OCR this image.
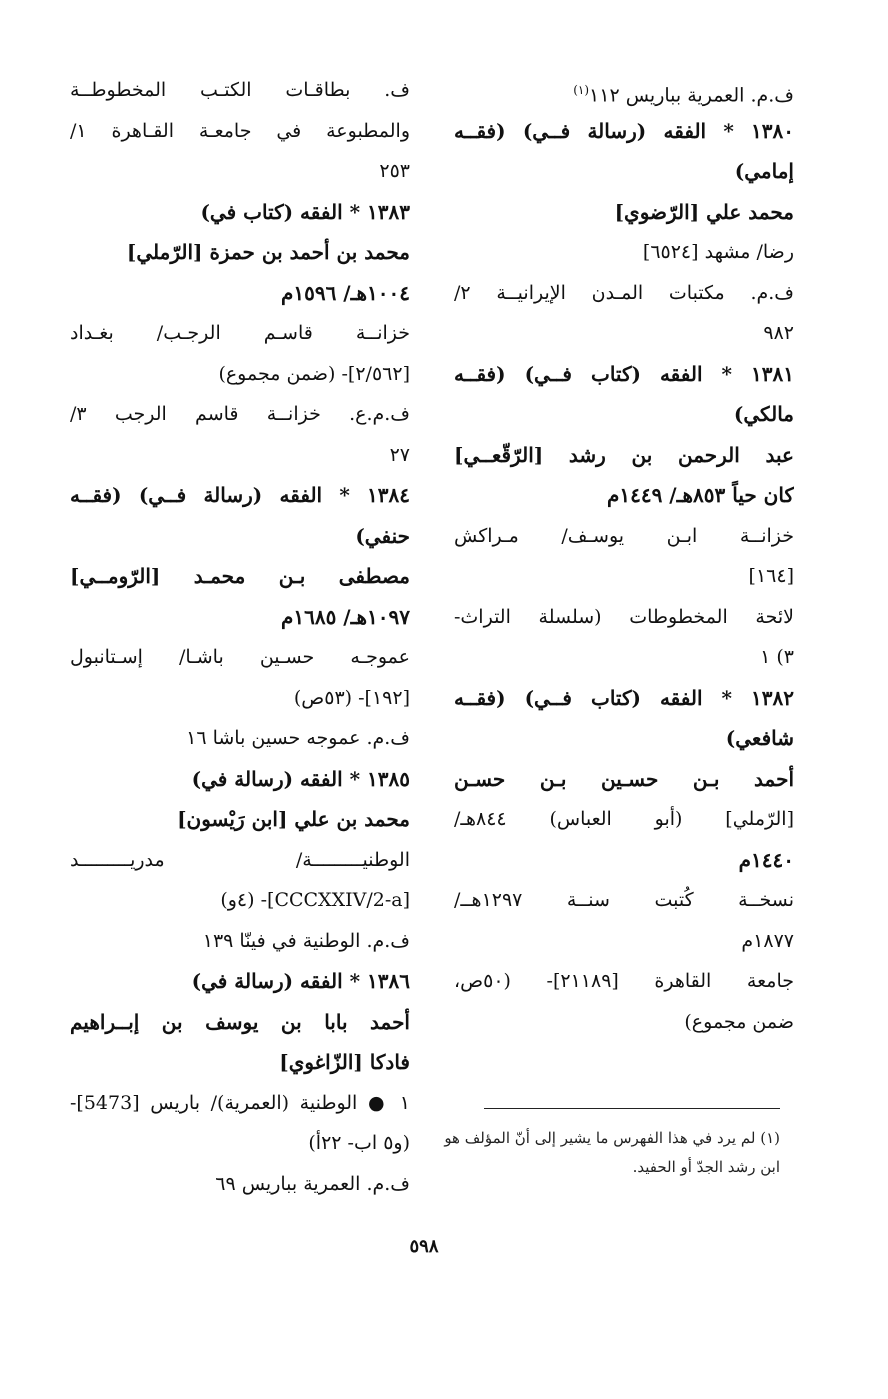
ف.م. العمرية بباريس ١١٢$^{(١)}$
١٣٨٠ * الفقه (رسالة فــي) (فقــه
إمامي)
محمد علي [الرّضوي]
رضا/ مشهد [٦٥٢٤]
ف.م. مكتبات المـدن الإيرانيــة ٢/
٩٨٢
١٣٨١ * الفقه (كتاب فــي) (فقــه
مالكي)
عبد الرحمن بن رشد [الرّقّعــي]
كان حياً ٨٥٣هـ/ ١٤٤٩م
خزانــة ابـن يوسـف/ مـراكش
[١٦٤]
لائحة المخطوطات (سلسلة التراث-
٣) ١
١٣٨٢ * الفقه (كتاب فــي) (فقــه
شافعي)
أحمد بـن حسـين بـن حسـن
[الرّملي] (أبو العباس) ٨٤٤هـ/
١٤٤٠م
نسخــة كُتبت سنــة ١٢٩٧هــ/
١٨٧٧م
جامعة القاهرة [٢١١٨٩]- (٥٠ص،
ضمن مجموع)
ف. بطاقـات الكتـب المخطوطــة
والمطبوعة في جامعـة القـاهرة ١/
٢٥٣
١٣٨٣ * الفقه (كتاب في)
محمد بن أحمد بن حمزة [الرّملي]
١٠٠٤هـ/ ١٥٩٦م
خزانــة قاسـم الرجـب/ بغـداد
[٢/٥٦٢]- (ضمن مجموع)
ف.م.ع. خزانــة قاسم الرجب ٣/
٢٧
١٣٨٤ * الفقه (رسالة فــي) (فقــه
حنفي)
مصطفى بـن محمـد [الرّومــي]
١٠٩٧هـ/ ١٦٨٥م
عموجـه حسـين باشـا/ إسـتانبول
[١٩٢]- (٥٣ص)
ف.م. عموجه حسين باشا ١٦
١٣٨٥ * الفقه (رسالة في)
محمد بن علي [ابن رَيْسون]
الوطنيـــــــــة/ مدريـــــــــد
[CCCXXIV/2-a]- (٤و)
ف.م. الوطنية في فينّا ١٣٩
١٣٨٦ * الفقه (رسالة في)
أحمد بابا بن يوسف بن إبــراهيم
فادكا [الزّاغوي]
١ ● الوطنية (العمرية)/ باريس [5473]-
(و٥ اب- ٢٢أ)
ف.م. العمرية بباريس ٦٩
(١) لم يرد في هذا الفهرس ما يشير إلى أنّ المؤلف هو
ابن رشد الجدّ أو الحفيد.
٥٩٨
